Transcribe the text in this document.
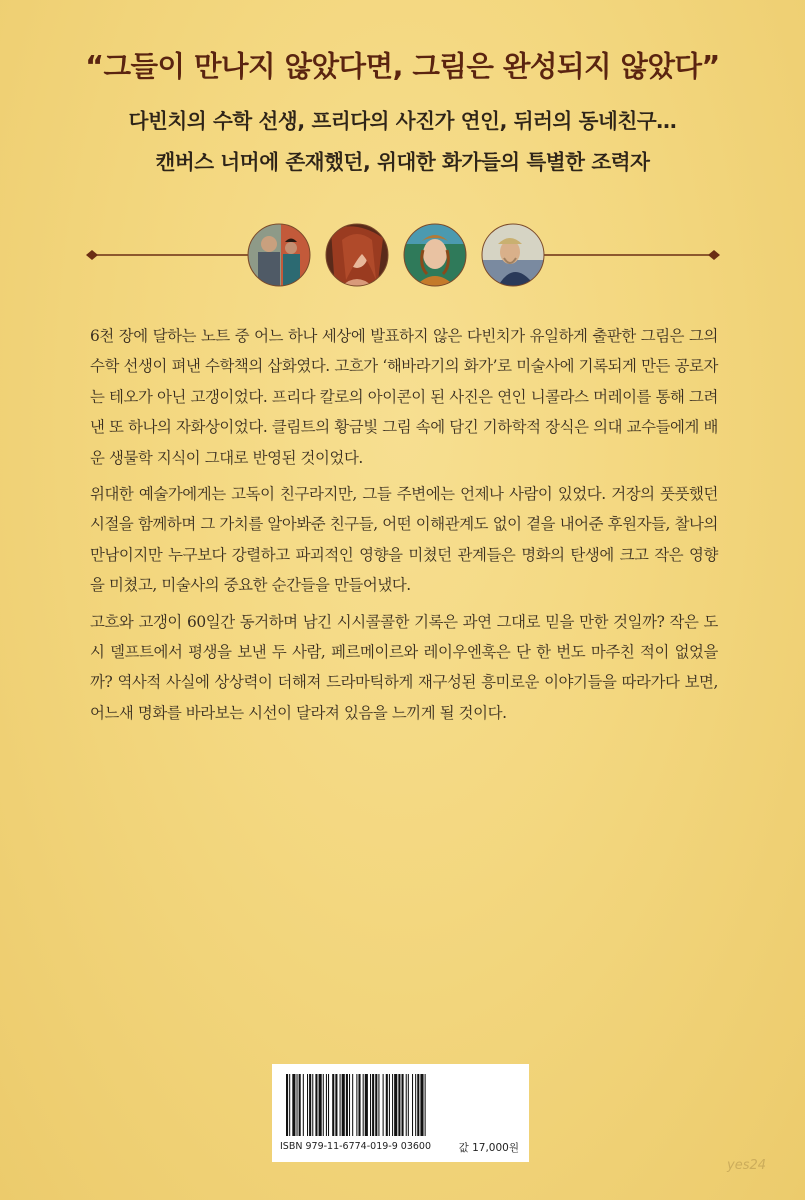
“그들이 만나지 않았다면, 그림은 완성되지 않았다”
다빈치의 수학 선생, 프리다의 사진가 연인, 뒤러의 동네친구…
캔버스 너머에 존재했던, 위대한 화가들의 특별한 조력자

6천 장에 달하는 노트 중 어느 하나 세상에 발표하지 않은 다빈치가 유일하게 출판한 그림은 그의 수학 선생이 펴낸 수학책의 삽화였다. 고흐가 ‘해바라기의 화가’로 미술사에 기록되게 만든 공로자는 테오가 아닌 고갱이었다. 프리다 칼로의 아이콘이 된 사진은 연인 니콜라스 머레이를 통해 그려낸 또 하나의 자화상이었다. 클림트의 황금빛 그림 속에 담긴 기하학적 장식은 의대 교수들에게 배운 생물학 지식이 그대로 반영된 것이었다.

위대한 예술가에게는 고독이 친구라지만, 그들 주변에는 언제나 사람이 있었다. 거장의 풋풋했던 시절을 함께하며 그 가치를 알아봐준 친구들, 어떤 이해관계도 없이 곁을 내어준 후원자들, 찰나의 만남이지만 누구보다 강렬하고 파괴적인 영향을 미쳤던 관계들은 명화의 탄생에 크고 작은 영향을 미쳤고, 미술사의 중요한 순간들을 만들어냈다.

고흐와 고갱이 60일간 동거하며 남긴 시시콜콜한 기록은 과연 그대로 믿을 만한 것일까? 작은 도시 델프트에서 평생을 보낸 두 사람, 페르메이르와 레이우엔훅은 단 한 번도 마주친 적이 없었을까? 역사적 사실에 상상력이 더해져 드라마틱하게 재구성된 흥미로운 이야기들을 따라가다 보면, 어느새 명화를 바라보는 시선이 달라져 있음을 느끼게 될 것이다.

ISBN 979-11-6774-019-9 03600	값 17,000원
yes24
